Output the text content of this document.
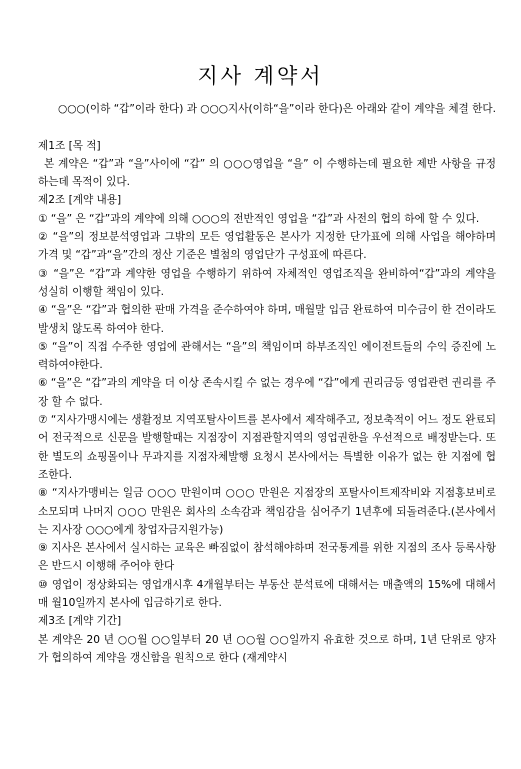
지사 계약서

○○○(이하 “갑”이라 한다) 과 ○○○지사(이하“을”이라 한다)은 아래와 같이 계약을 체결 한다.

제1조 [목 적]

본 계약은 “갑”과 “을”사이에 “갑” 의 ○○○영업을 “을” 이 수행하는데 필요한 제반 사항을 규정하는데 목적이 있다.

제2조 [계약 내용]

① “을” 은 “갑”과의 계약에 의해 ○○○의 전반적인 영업을 “갑”과 사전의 협의 하에 할 수 있다.

② “을”의 정보분석영업과 그밖의 모든 영업활동은 본사가 지정한 단가표에 의해 사업을 해야하며 가격 및 “갑”과“을”간의 정산 기준은 별첨의 영업단가 구성표에 따른다.

③ “을”은 “갑”과 계약한 영업을 수행하기 위하여 자체적인 영업조직을 완비하여“갑”과의 계약을 성실히 이행할 책임이 있다.

④ “을”은 “갑”과 협의한 판매 가격을 준수하여야 하며, 매월말 입금 완료하여 미수금이 한 건이라도 발생치 않도록 하여야 한다.

⑤ “을”이 직접 수주한 영업에 관해서는 “을”의 책임이며 하부조직인 에이전트들의 수익 증진에 노력하여야한다.

⑥ “을”은 “갑”과의 계약을 더 이상 존속시킬 수 없는 경우에 “갑”에게 권리금등 영업관련 권리를 주장 할 수 없다.

⑦ “지사가맹시에는 생활정보 지역포탈사이트를 본사에서 제작해주고, 정보축적이 어느 정도 완료되어 전국적으로 신문을 발행할때는 지점장이 지점관할지역의 영업권한을 우선적으로 배정받는다. 또한 별도의 쇼핑몰이나 무과지를 지점자체발행 요청시 본사에서는 특별한 이유가 없는 한 지점에 협조한다.

⑧ “지사가맹비는 일금 ○○○ 만원이며 ○○○ 만원은 지점장의 포탈사이트제작비와 지점홍보비로 소모되며 나머지 ○○○ 만원은 회사의 소속감과 책임감을 심어주기 1년후에 되돌려준다.(본사에서는 지사장 ○○○에게 창업자금지원가능)

⑨ 지사은 본사에서 실시하는 교육은 빠짐없이 참석해야하며 전국통계를 위한 지점의 조사 등록사항은 반드시 이행해 주어야 한다

⑩ 영업이 정상화되는 영업개시후 4개월부터는 부동산 분석료에 대해서는 매출액의 15%에 대해서 매 월10일까지 본사에 입금하기로 한다.

제3조 [계약 기간]

본 계약은 20 년 ○○월 ○○일부터 20 년 ○○월 ○○일까지 유효한 것으로 하며, 1년 단위로 양자가 협의하여 계약을 갱신함을 원칙으로 한다 (재계약시
